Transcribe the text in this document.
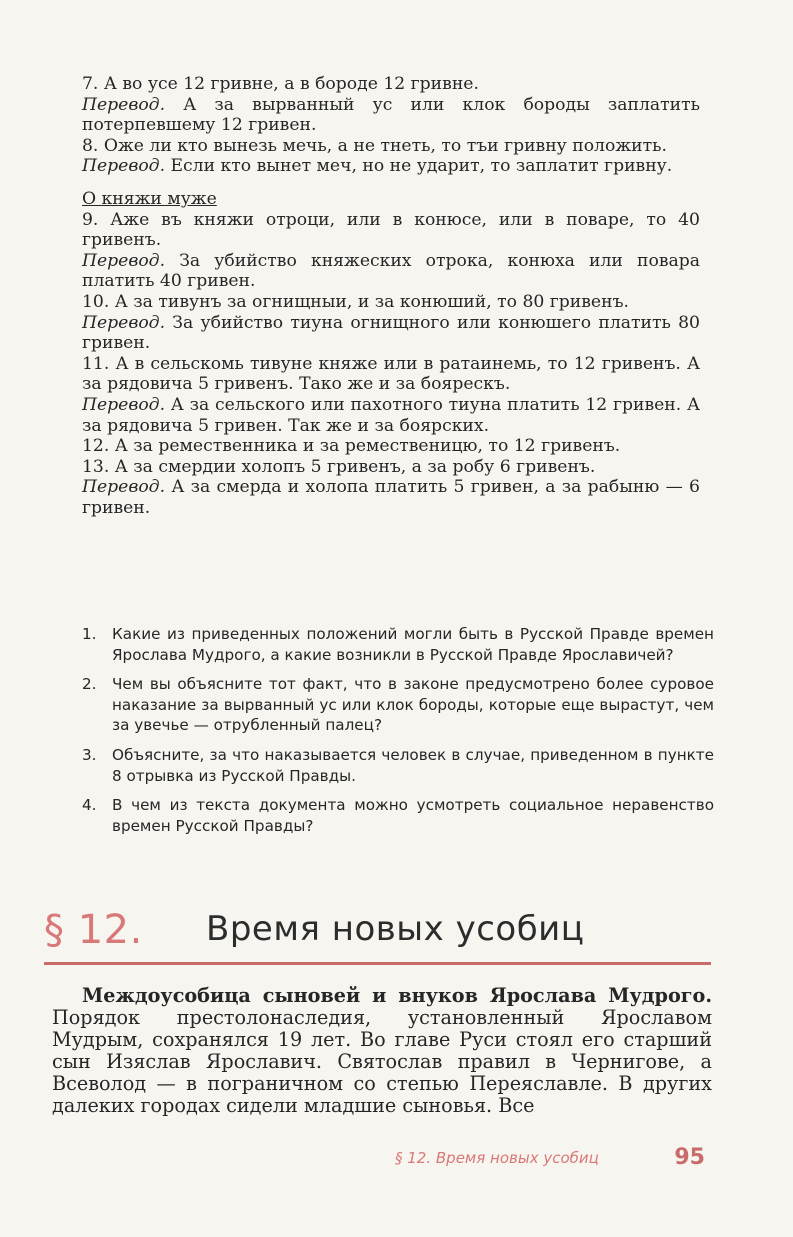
7. А во усе 12 гривне, а в бороде 12 гривне.

Перевод. А за вырванный ус или клок бороды заплатить потерпевшему 12 гривен.

8. Оже ли кто вынезь мечь, а не тнеть, то тъи гривну положить.

Перевод. Если кто вынет меч, но не ударит, то заплатит гривну.

О княжи муже

9. Аже въ княжи отроци, или в конюсе, или в поваре, то 40 гривенъ.

Перевод. За убийство княжеских отрока, конюха или повара платить 40 гривен.

10. А за тивунъ за огнищныи, и за конюший, то 80 гривенъ.

Перевод. За убийство тиуна огнищного или конюшего платить 80 гривен.

11. А в сельскомь тивуне княже или в ратаинемь, то 12 гривенъ. А за рядовича 5 гривенъ. Тако же и за боярескъ.

Перевод. А за сельского или пахотного тиуна платить 12 гривен. А за рядовича 5 гривен. Так же и за боярских.

12. А за ремественника и за ремественицю, то 12 гривенъ.

13. А за смердии холопъ 5 гривенъ, а за робу 6 гривенъ.

Перевод. А за смерда и холопа платить 5 гривен, а за рабыню — 6 гривен.

1.	Какие из приведенных положений могли быть в Русской Правде времен Ярослава Мудрого, а какие возникли в Русской Правде Ярославичей?
2.	Чем вы объясните тот факт, что в законе предусмотрено более суровое наказание за вырванный ус или клок бороды, которые еще вырастут, чем за увечье — отрубленный палец?
3.	Объясните, за что наказывается человек в случае, приведенном в пункте 8 отрывка из Русской Правды.
4.	В чем из текста документа можно усмотреть социальное неравенство времен Русской Правды?
§ 12. Время новых усобиц

Междоусобица сыновей и внуков Ярослава Мудрого. Порядок престолонаследия, установленный Ярославом Мудрым, сохранялся 19 лет. Во главе Руси стоял его старший сын Изяслав Ярославич. Святослав правил в Чернигове, а Всеволод — в пограничном со степью Переяславле. В других далеких городах сидели младшие сыновья. Все

§ 12. Время новых усобиц	95
